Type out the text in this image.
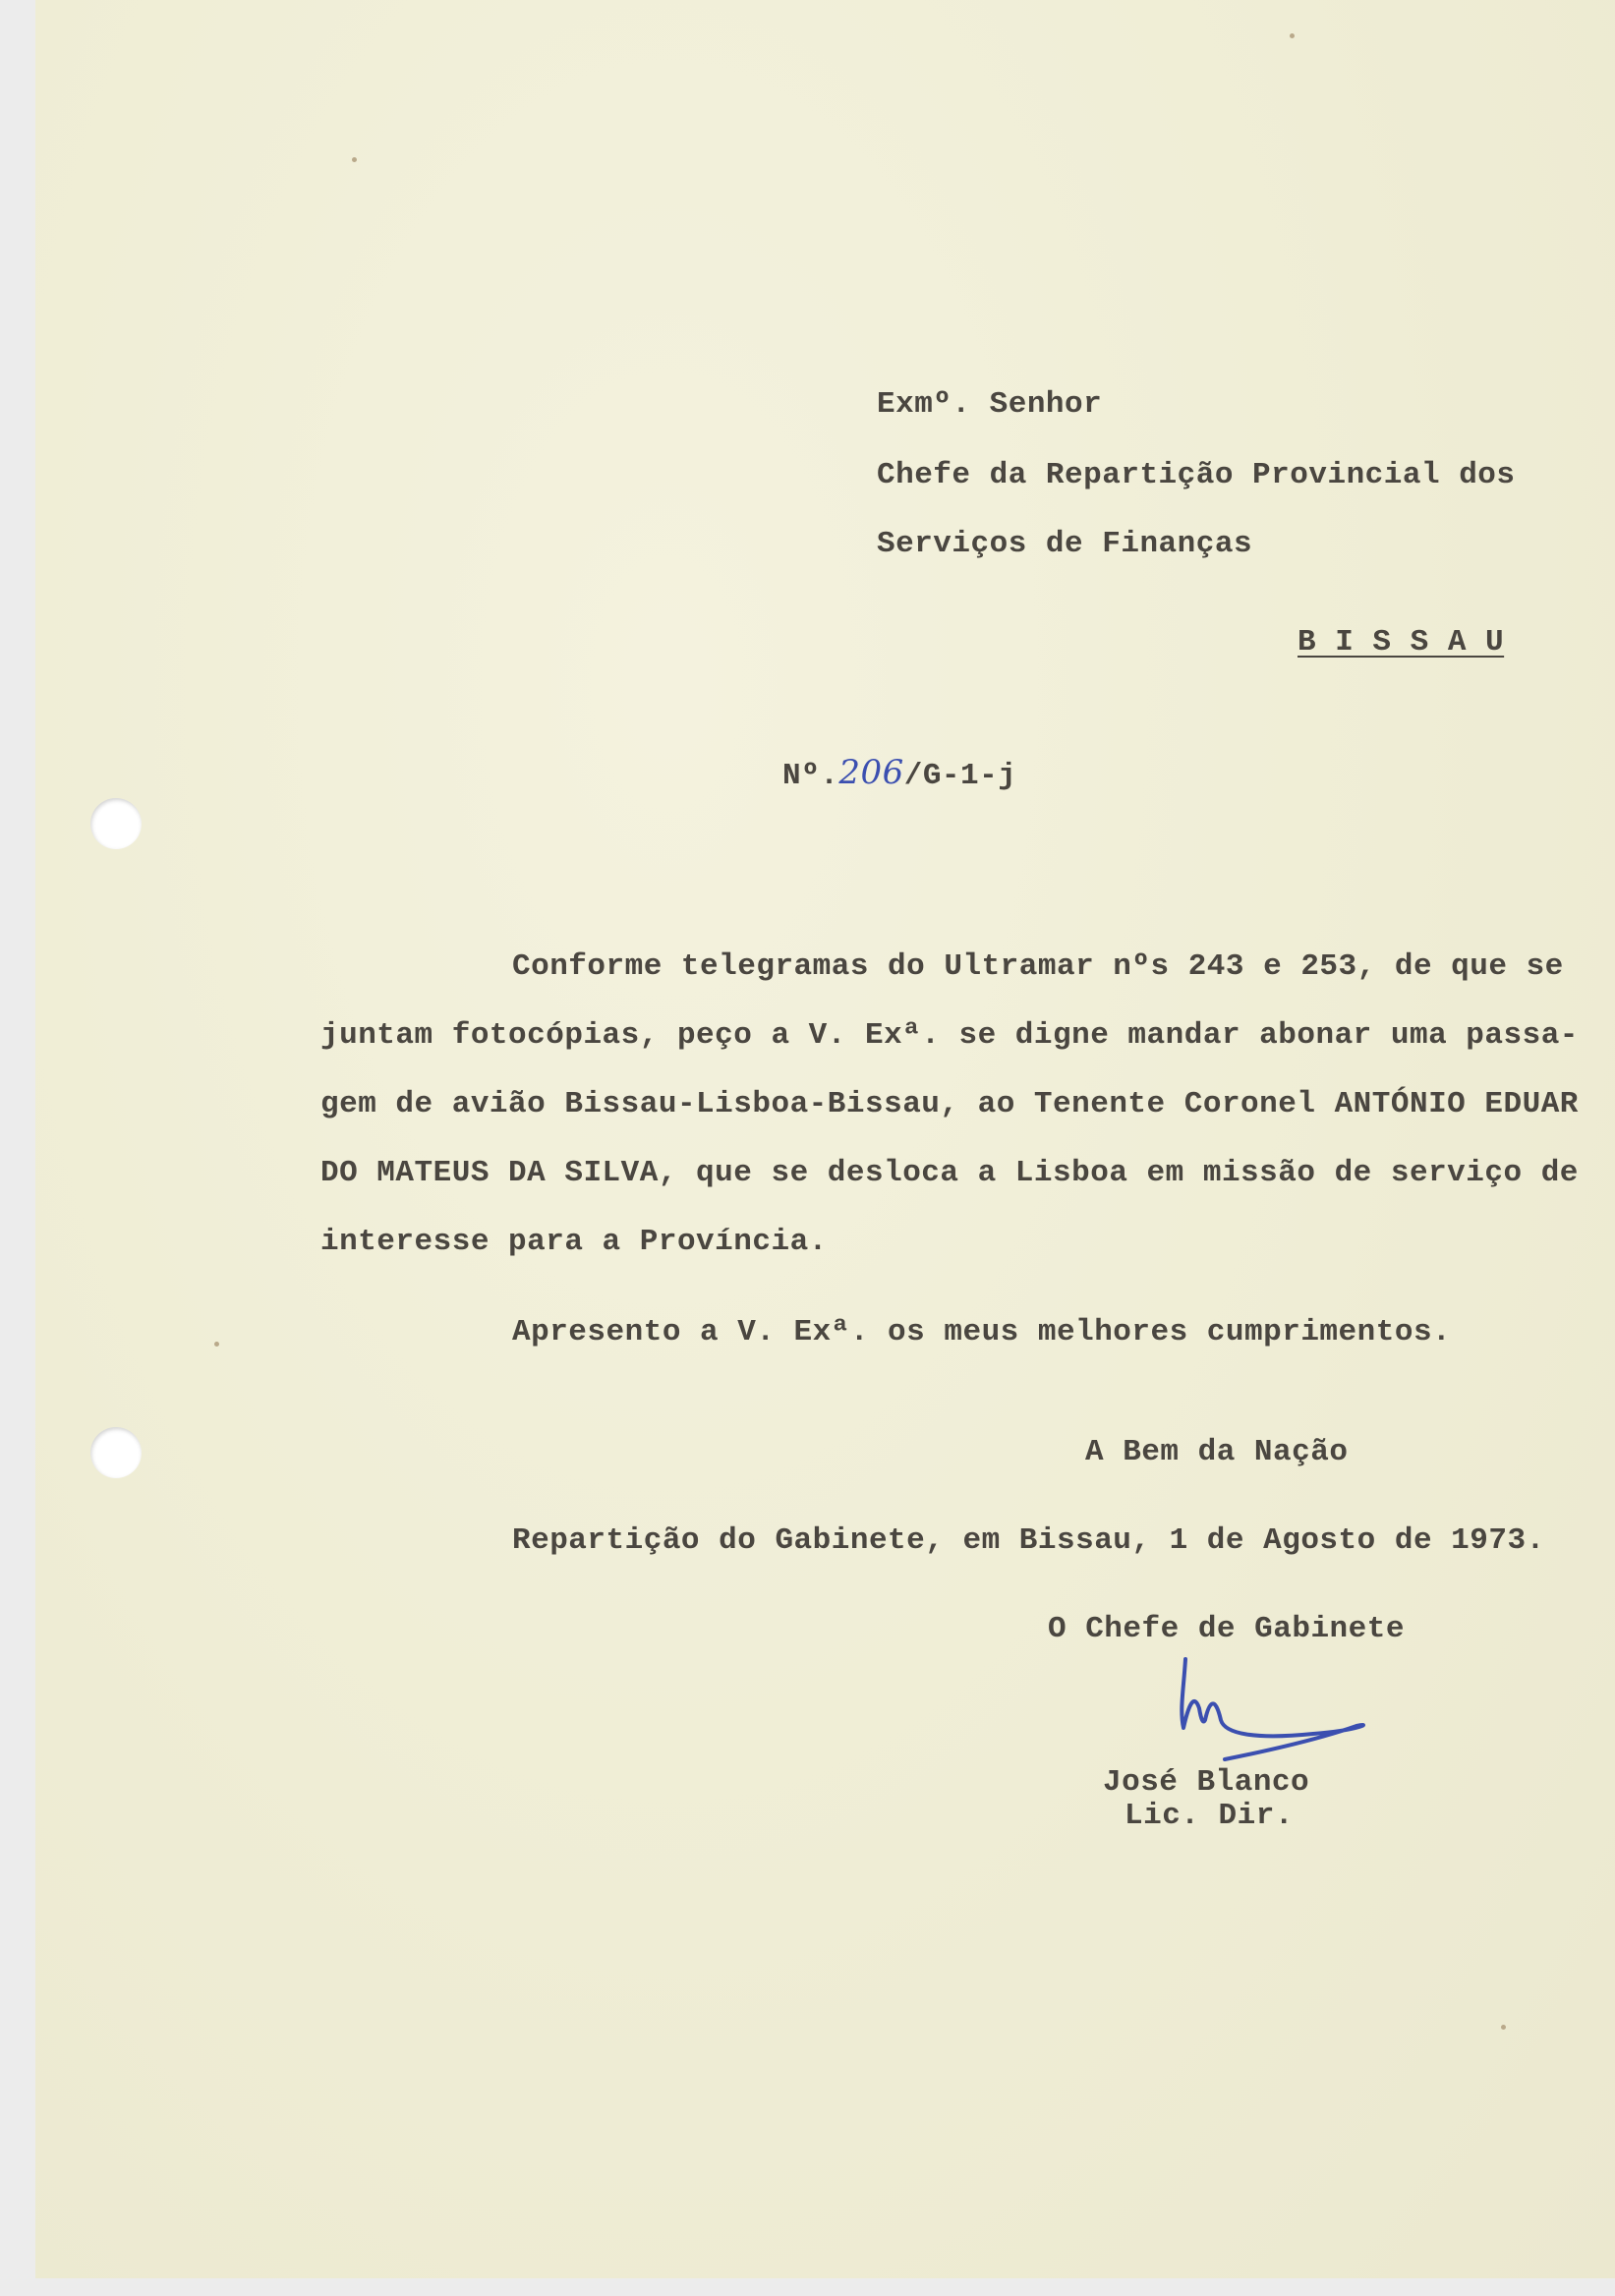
Exmº. Senhor
Chefe da Repartição Provincial dos
Serviços de Finanças
B I S S A U
Nº.206/G-1-j
Conforme telegramas do Ultramar nºs 243 e 253, de que se
juntam fotocópias, peço a V. Exª. se digne mandar abonar uma passa-
gem de avião Bissau-Lisboa-Bissau, ao Tenente Coronel ANTÓNIO EDUAR
DO MATEUS DA SILVA, que se desloca a Lisboa em missão de serviço de
interesse para a Província.
Apresento a V. Exª. os meus melhores cumprimentos.
A Bem da Nação
Repartição do Gabinete, em Bissau, 1 de Agosto de 1973.
O Chefe de Gabinete
José Blanco
Lic. Dir.
